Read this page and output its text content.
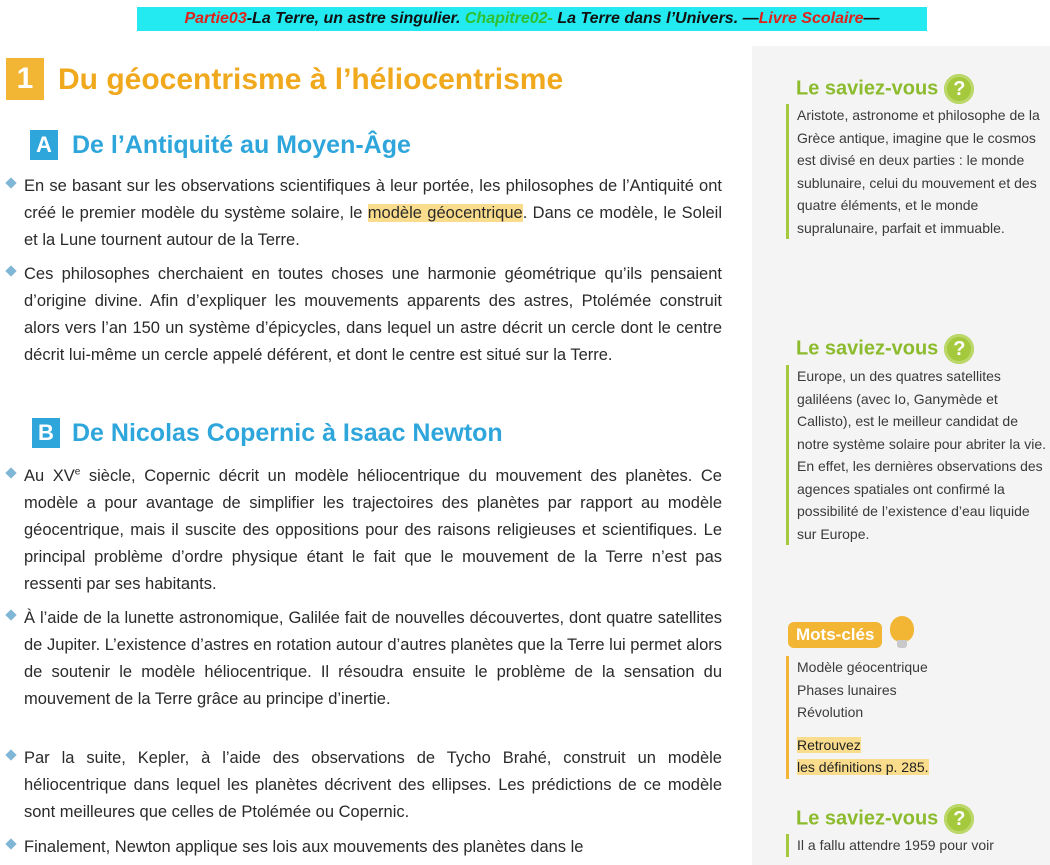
Partie03-La Terre, un astre singulier. Chapitre02- La Terre dans l’Univers. —Livre Scolaire—
1 Du géocentrisme à l’héliocentrisme
A De l’Antiquité au Moyen-Âge

En se basant sur les observations scientifiques à leur portée, les philosophes de l’Antiquité ont créé le premier modèle du système solaire, le modèle géocentrique. Dans ce modèle, le Soleil et la Lune tournent autour de la Terre.

Ces philosophes cherchaient en toutes choses une harmonie géométrique qu’ils pensaient d’origine divine. Afin d’expliquer les mouvements apparents des astres, Ptolémée construit alors vers l’an 150 un système d’épicycles, dans lequel un astre décrit un cercle dont le centre décrit lui-même un cercle appelé déférent, et dont le centre est situé sur la Terre.

B De Nicolas Copernic à Isaac Newton

Au XVe siècle, Copernic décrit un modèle héliocentrique du mouvement des planètes. Ce modèle a pour avantage de simplifier les trajectoires des planètes par rapport au modèle géocentrique, mais il suscite des oppositions pour des raisons religieuses et scientifiques. Le principal problème d’ordre physique étant le fait que le mouvement de la Terre n’est pas ressenti par ses habitants.

À l’aide de la lunette astronomique, Galilée fait de nouvelles découvertes, dont quatre satellites de Jupiter. L’existence d’astres en rotation autour d’autres planètes que la Terre lui permet alors de soutenir le modèle héliocentrique. Il résoudra ensuite le problème de la sensation du mouvement de la Terre grâce au principe d’inertie.

Par la suite, Kepler, à l’aide des observations de Tycho Brahé, construit un modèle héliocentrique dans lequel les planètes décrivent des ellipses. Les prédictions de ce modèle sont meilleures que celles de Ptolémée ou Copernic.

Finalement, Newton applique ses lois aux mouvements des planètes dans le

Le saviez-vous ?

Aristote, astronome et philosophe de la Grèce antique, imagine que le cosmos est divisé en deux parties : le monde sublunaire, celui du mouvement et des quatre éléments, et le monde supralunaire, parfait et immuable.

Le saviez-vous ?

Europe, un des quatres satellites galiléens (avec Io, Ganymède et Callisto), est le meilleur candidat de notre système solaire pour abriter la vie.

En effet, les dernières observations des agences spatiales ont confirmé la possibilité de l’existence d’eau liquide sur Europe.

Mots-clés

Modèle géocentrique

Phases lunaires

Révolution

Retrouvez
les définitions p. 285.

Le saviez-vous ?

Il a fallu attendre 1959 pour voir
